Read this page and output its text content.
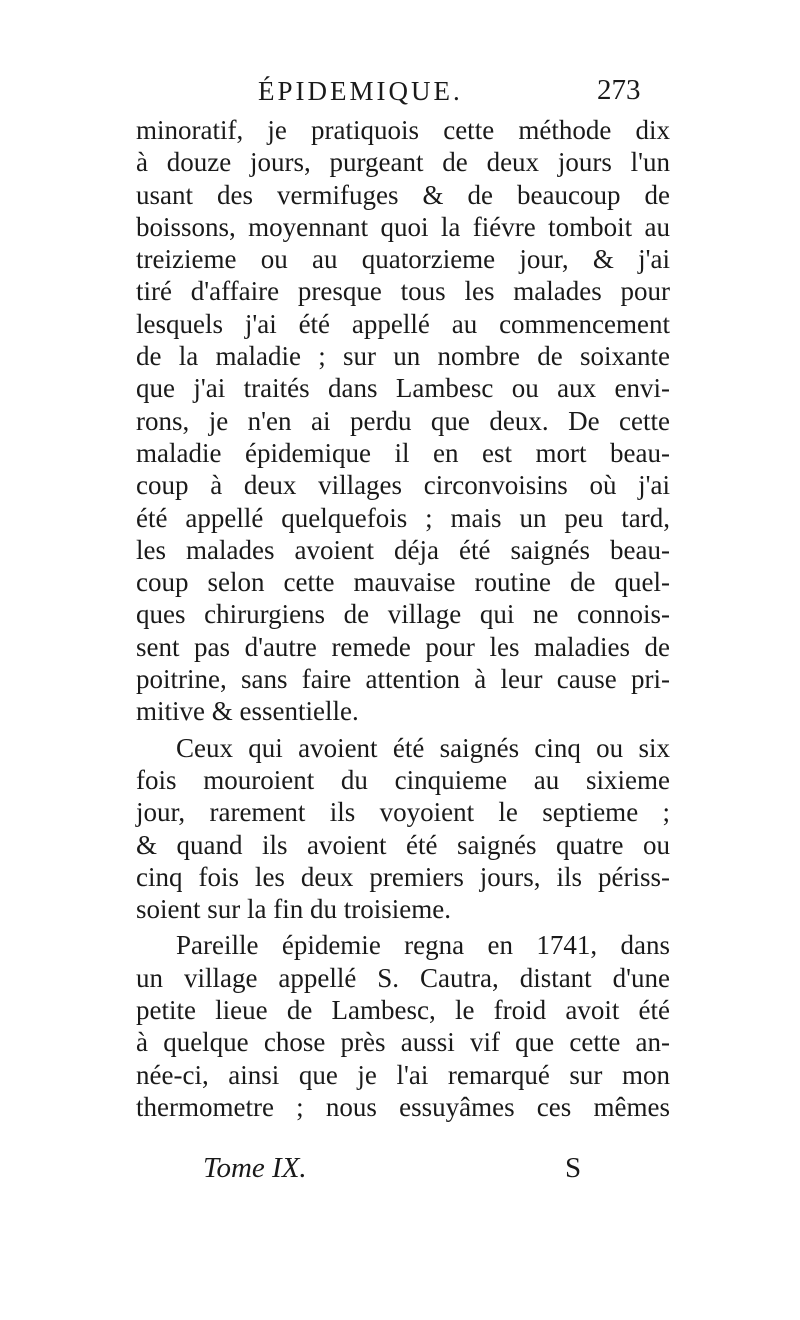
ÉPIDEMIQUE.	273
minoratif, je pratiquois cette méthode dix
à douze jours, purgeant de deux jours l'un
usant des vermifuges & de beaucoup de
boissons, moyennant quoi la fiévre tomboit au
treizieme ou au quatorzieme jour, & j'ai
tiré d'affaire presque tous les malades pour
lesquels j'ai été appellé au commencement
de la maladie ; sur un nombre de soixante
que j'ai traités dans Lambesc ou aux envi-
rons, je n'en ai perdu que deux. De cette
maladie épidemique il en est mort beau-
coup à deux villages circonvoisins où j'ai
été appellé quelquefois ; mais un peu tard,
les malades avoient déja été saignés beau-
coup selon cette mauvaise routine de quel-
ques chirurgiens de village qui ne connois-
sent pas d'autre remede pour les maladies de
poitrine, sans faire attention à leur cause pri-
mitive & essentielle.
Ceux qui avoient été saignés cinq ou six
fois mouroient du cinquieme au sixieme
jour, rarement ils voyoient le septieme ;
& quand ils avoient été saignés quatre ou
cinq fois les deux premiers jours, ils périss-
soient sur la fin du troisieme.
Pareille épidemie regna en 1741, dans
un village appellé S. Cautra, distant d'une
petite lieue de Lambesc, le froid avoit été
à quelque chose près aussi vif que cette an-
née-ci, ainsi que je l'ai remarqué sur mon
thermometre ; nous essuyâmes ces mêmes
Tome IX.	S
